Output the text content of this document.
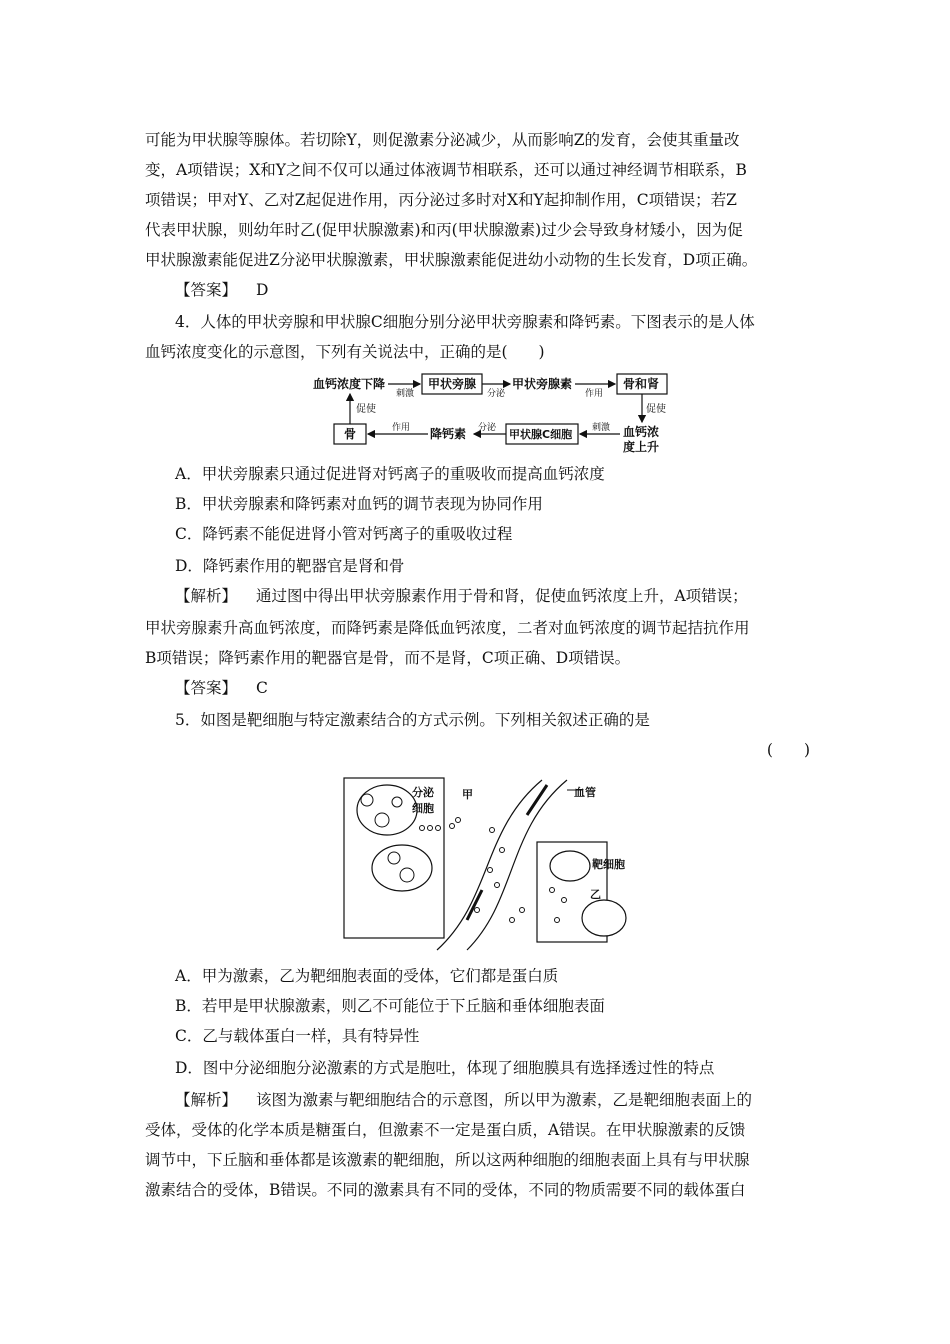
可能为甲状腺等腺体。若切除Y，则促激素分泌减少，从而影响Z的发育，会使其重量改
变，A项错误；X和Y之间不仅可以通过体液调节相联系，还可以通过神经调节相联系，B
项错误；甲对Y、乙对Z起促进作用，丙分泌过多时对X和Y起抑制作用，C项错误；若Z
代表甲状腺，则幼年时乙(促甲状腺激素)和丙(甲状腺激素)过少会导致身材矮小，因为促
甲状腺激素能促进Z分泌甲状腺激素，甲状腺激素能促进幼小动物的生长发育，D项正确。
【答案】 D
4．人体的甲状旁腺和甲状腺C细胞分别分泌甲状旁腺素和降钙素。下图表示的是人体
血钙浓度变化的示意图，下列有关说法中，正确的是(　　)
血钙浓度下降
刺激
甲状旁腺
分泌
甲状旁腺素
作用
骨和肾
促使
血钙浓
度上升
刺激
甲状腺C细胞
分泌
降钙素
作用
骨
促使
A．甲状旁腺素只通过促进肾对钙离子的重吸收而提高血钙浓度
B．甲状旁腺素和降钙素对血钙的调节表现为协同作用
C．降钙素不能促进肾小管对钙离子的重吸收过程
D．降钙素作用的靶器官是肾和骨
【解析】 通过图中得出甲状旁腺素作用于骨和肾，促使血钙浓度上升，A项错误；
甲状旁腺素升高血钙浓度，而降钙素是降低血钙浓度，二者对血钙浓度的调节起拮抗作用
B项错误；降钙素作用的靶器官是骨，而不是肾，C项正确、D项错误。
【答案】 C
5．如图是靶细胞与特定激素结合的方式示例。下列相关叙述正确的是
(　　)
分泌
细胞
甲	血管
靶细胞
乙
A．甲为激素，乙为靶细胞表面的受体，它们都是蛋白质
B．若甲是甲状腺激素，则乙不可能位于下丘脑和垂体细胞表面
C．乙与载体蛋白一样，具有特异性
D．图中分泌细胞分泌激素的方式是胞吐，体现了细胞膜具有选择透过性的特点
【解析】 该图为激素与靶细胞结合的示意图，所以甲为激素，乙是靶细胞表面上的
受体，受体的化学本质是糖蛋白，但激素不一定是蛋白质，A错误。在甲状腺激素的反馈
调节中，下丘脑和垂体都是该激素的靶细胞，所以这两种细胞的细胞表面上具有与甲状腺
激素结合的受体，B错误。不同的激素具有不同的受体，不同的物质需要不同的载体蛋白
